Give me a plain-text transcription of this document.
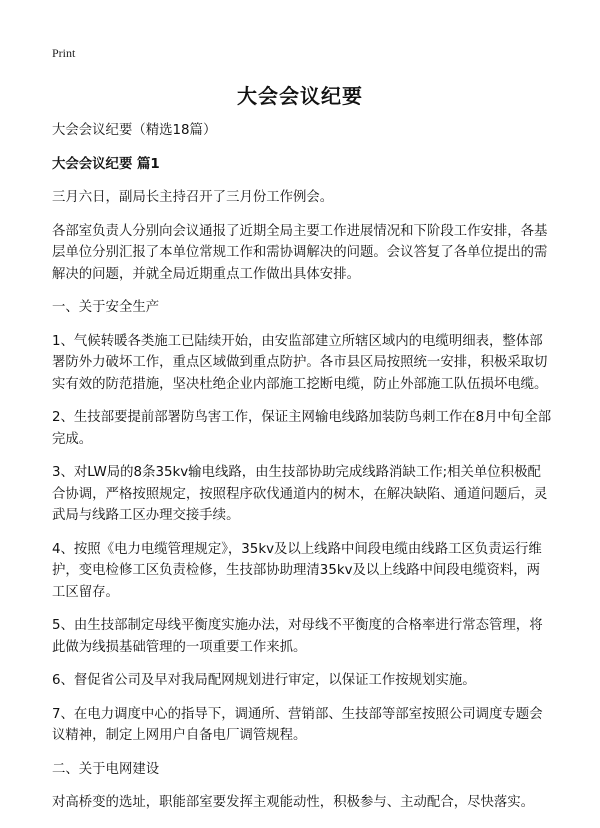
Print
大会会议纪要

大会会议纪要（精选18篇）

大会会议纪要 篇1

三月六日，副局长主持召开了三月份工作例会。

各部室负责人分别向会议通报了近期全局主要工作进展情况和下阶段工作安排，各基层单位分别汇报了本单位常规工作和需协调解决的问题。会议答复了各单位提出的需解决的问题，并就全局近期重点工作做出具体安排。

一、关于安全生产

1、气候转暖各类施工已陆续开始，由安监部建立所辖区域内的电缆明细表，整体部署防外力破坏工作，重点区域做到重点防护。各市县区局按照统一安排，积极采取切实有效的防范措施，坚决杜绝企业内部施工挖断电缆，防止外部施工队伍损坏电缆。

2、生技部要提前部署防鸟害工作，保证主网输电线路加装防鸟刺工作在8月中旬全部完成。

3、对LW局的8条35kv输电线路，由生技部协助完成线路消缺工作;相关单位积极配合协调，严格按照规定，按照程序砍伐通道内的树木，在解决缺陷、通道问题后，灵武局与线路工区办理交接手续。

4、按照《电力电缆管理规定》，35kv及以上线路中间段电缆由线路工区负责运行维护，变电检修工区负责检修，生技部协助理清35kv及以上线路中间段电缆资料，两工区留存。

5、由生技部制定母线平衡度实施办法，对母线不平衡度的合格率进行常态管理，将此做为线损基础管理的一项重要工作来抓。

6、督促省公司及早对我局配网规划进行审定，以保证工作按规划实施。

7、在电力调度中心的指导下，调通所、营销部、生技部等部室按照公司调度专题会议精神，制定上网用户自备电厂调管规程。

二、关于电网建设

对高桥变的选址，职能部室要发挥主观能动性，积极参与、主动配合，尽快落实。
